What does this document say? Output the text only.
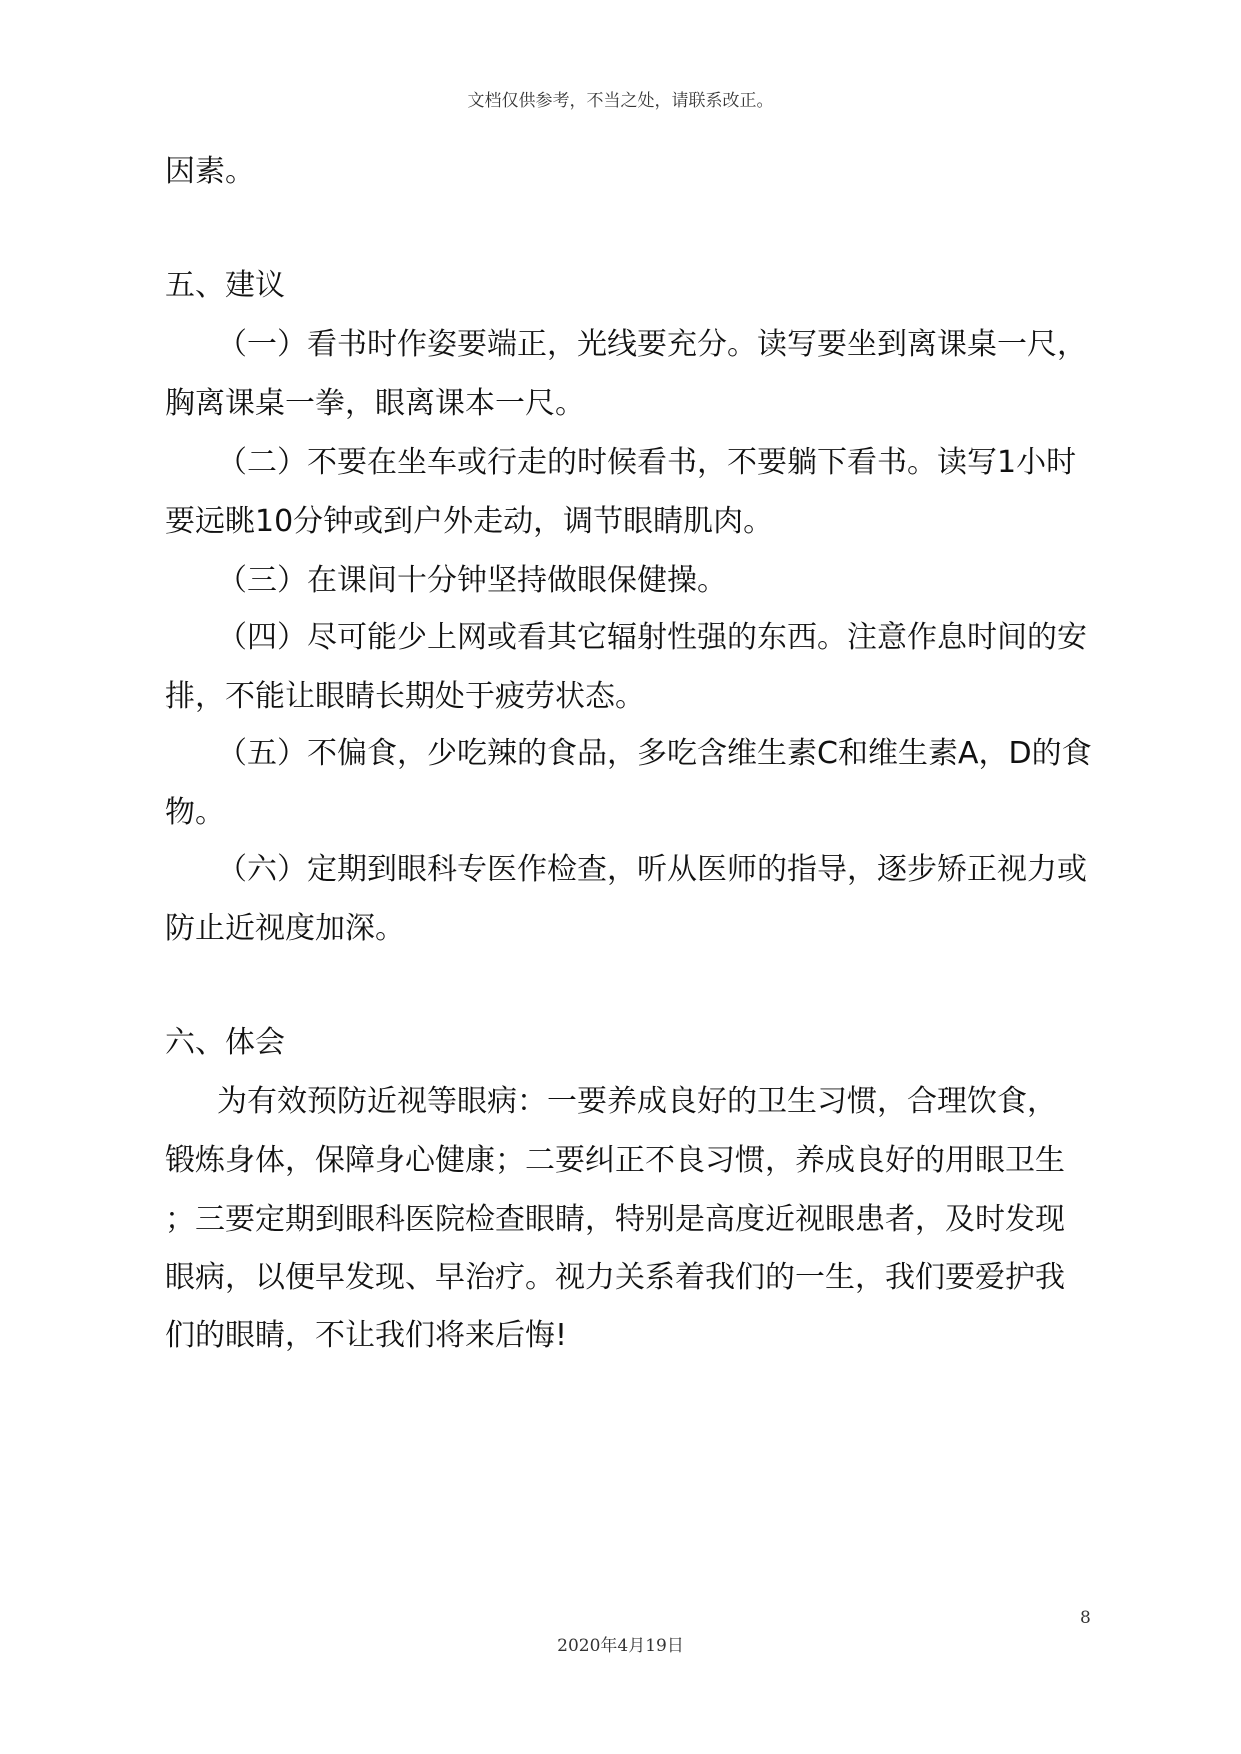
文档仅供参考，不当之处，请联系改正。
因素。
五、建议
（一）看书时作姿要端正，光线要充分。读写要坐到离课桌一尺，
胸离课桌一拳，眼离课本一尺。
（二）不要在坐车或行走的时候看书，不要躺下看书。读写1小时
要远眺10分钟或到户外走动，调节眼睛肌肉。
（三）在课间十分钟坚持做眼保健操。
（四）尽可能少上网或看其它辐射性强的东西。注意作息时间的安
排，不能让眼睛长期处于疲劳状态。
（五）不偏食，少吃辣的食品，多吃含维生素C和维生素A，D的食
物。
（六）定期到眼科专医作检查，听从医师的指导，逐步矫正视力或
防止近视度加深。
六、体会
为有效预防近视等眼病：一要养成良好的卫生习惯，合理饮食，
锻炼身体，保障身心健康；二要纠正不良习惯，养成良好的用眼卫生
；三要定期到眼科医院检查眼睛，特别是高度近视眼患者，及时发现
眼病，以便早发现、早治疗。视力关系着我们的一生，我们要爱护我
们的眼睛，不让我们将来后悔!
8
2020年4月19日
